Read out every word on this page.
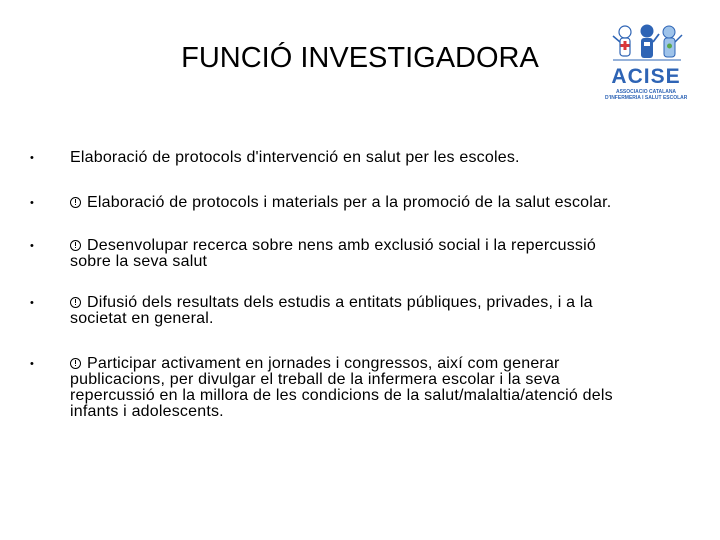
FUNCIÓ INVESTIGADORA
ACISE
ASSOCIACIÓ CATALANA
D'INFERMERIA I SALUT ESCOLAR
•	Elaboració de protocols d'intervenció en salut per les escoles.
•	Elaboració de protocols i materials per a la promoció de la salut escolar.
•	Desenvolupar recerca sobre nens amb exclusió social i la repercussió
sobre la seva salut
•	Difusió dels resultats dels estudis a entitats públiques, privades, i a la
societat en general.
•	Participar activament en jornades i congressos, així com generar
publicacions, per divulgar el treball de la infermera escolar i la seva
repercussió en la millora de les condicions de la salut/malaltia/atenció dels
infants i adolescents.
